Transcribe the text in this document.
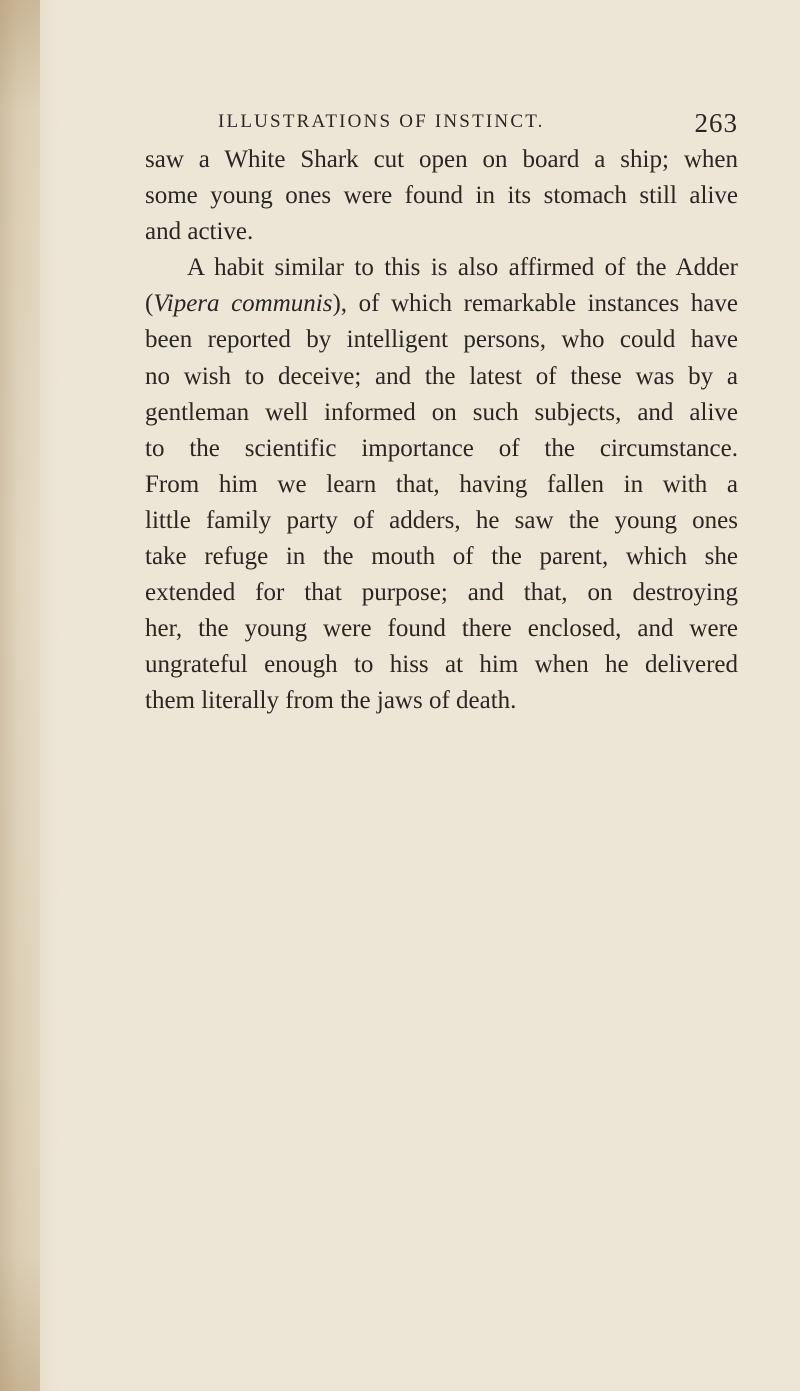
ILLUSTRATIONS OF INSTINCT.	263
saw a White Shark cut open on board a ship; when
some young ones were found in its stomach still alive
and active.
A habit similar to this is also affirmed of the Adder
(Vipera communis), of which remarkable instances have
been reported by intelligent persons, who could have
no wish to deceive; and the latest of these was by a
gentleman well informed on such subjects, and alive
to the scientific importance of the circumstance.
From him we learn that, having fallen in with a
little family party of adders, he saw the young ones
take refuge in the mouth of the parent, which she
extended for that purpose; and that, on destroying
her, the young were found there enclosed, and were
ungrateful enough to hiss at him when he delivered
them literally from the jaws of death.
